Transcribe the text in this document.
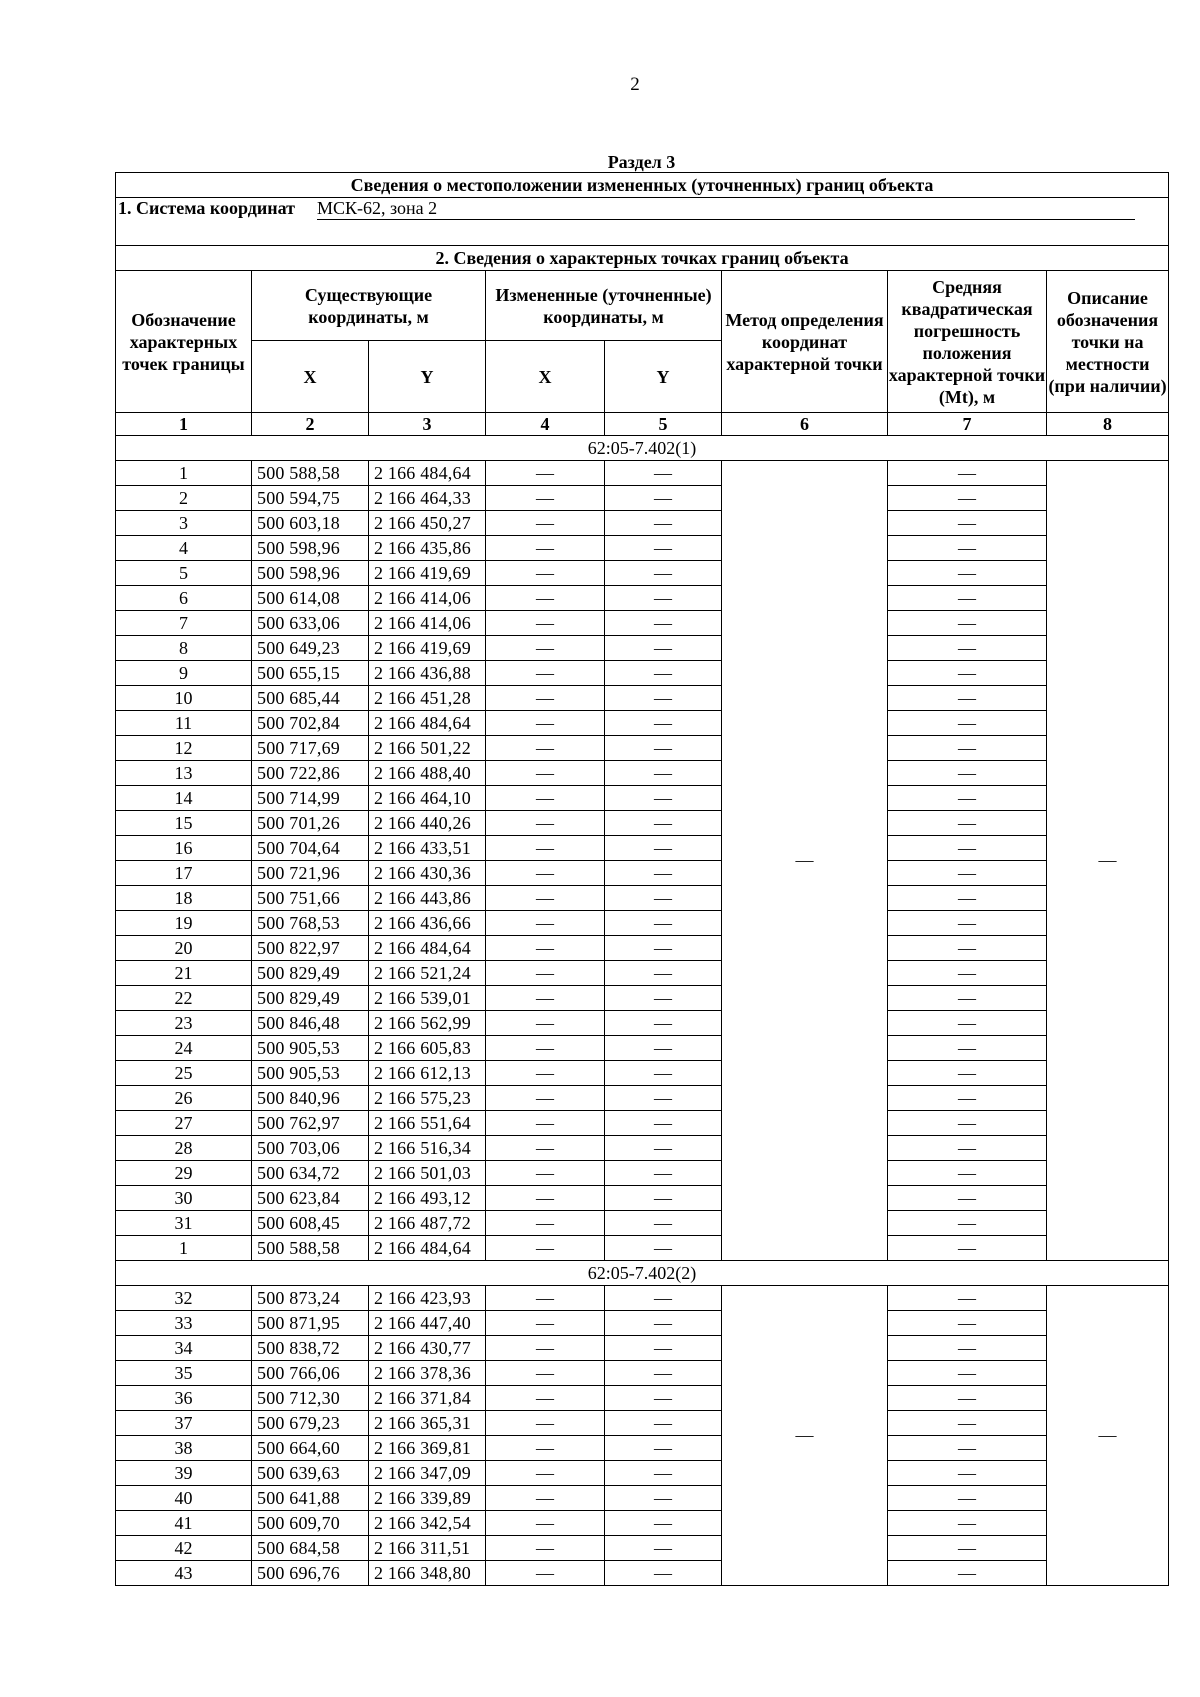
2
Раздел 3
Сведения о местоположении измененных (уточненных) границ объекта							
1. Система координат МСК-62, зона 2							
2. Сведения о характерных точках границ объекта							
Обозначение характерных точек границы	Существующие координаты, м		Измененные (уточненные) координаты, м		Метод определения координат характерной точки	Средняя квадратическая погрешность положения характерной точки (Mt), м	Описание обозначения точки на местности (при наличии)
	X	Y	X	Y			
1	2	3	4	5	6	7	8
62:05-7.402(1)							
1	500 588,58	2 166 484,64	—	—	—	—	—
2	500 594,75	2 166 464,33	—	—		—	
3	500 603,18	2 166 450,27	—	—		—	
4	500 598,96	2 166 435,86	—	—		—	
5	500 598,96	2 166 419,69	—	—		—	
6	500 614,08	2 166 414,06	—	—		—	
7	500 633,06	2 166 414,06	—	—		—	
8	500 649,23	2 166 419,69	—	—		—	
9	500 655,15	2 166 436,88	—	—		—	
10	500 685,44	2 166 451,28	—	—		—	
11	500 702,84	2 166 484,64	—	—		—	
12	500 717,69	2 166 501,22	—	—		—	
13	500 722,86	2 166 488,40	—	—		—	
14	500 714,99	2 166 464,10	—	—		—	
15	500 701,26	2 166 440,26	—	—		—	
16	500 704,64	2 166 433,51	—	—		—	
17	500 721,96	2 166 430,36	—	—		—	
18	500 751,66	2 166 443,86	—	—		—	
19	500 768,53	2 166 436,66	—	—		—	
20	500 822,97	2 166 484,64	—	—		—	
21	500 829,49	2 166 521,24	—	—		—	
22	500 829,49	2 166 539,01	—	—		—	
23	500 846,48	2 166 562,99	—	—		—	
24	500 905,53	2 166 605,83	—	—		—	
25	500 905,53	2 166 612,13	—	—		—	
26	500 840,96	2 166 575,23	—	—		—	
27	500 762,97	2 166 551,64	—	—		—	
28	500 703,06	2 166 516,34	—	—		—	
29	500 634,72	2 166 501,03	—	—		—	
30	500 623,84	2 166 493,12	—	—		—	
31	500 608,45	2 166 487,72	—	—		—	
1	500 588,58	2 166 484,64	—	—		—	
62:05-7.402(2)							
32	500 873,24	2 166 423,93	—	—	—	—	—
33	500 871,95	2 166 447,40	—	—		—	
34	500 838,72	2 166 430,77	—	—		—	
35	500 766,06	2 166 378,36	—	—		—	
36	500 712,30	2 166 371,84	—	—		—	
37	500 679,23	2 166 365,31	—	—		—	
38	500 664,60	2 166 369,81	—	—		—	
39	500 639,63	2 166 347,09	—	—		—	
40	500 641,88	2 166 339,89	—	—		—	
41	500 609,70	2 166 342,54	—	—		—	
42	500 684,58	2 166 311,51	—	—		—	
43	500 696,76	2 166 348,80	—	—		—	
